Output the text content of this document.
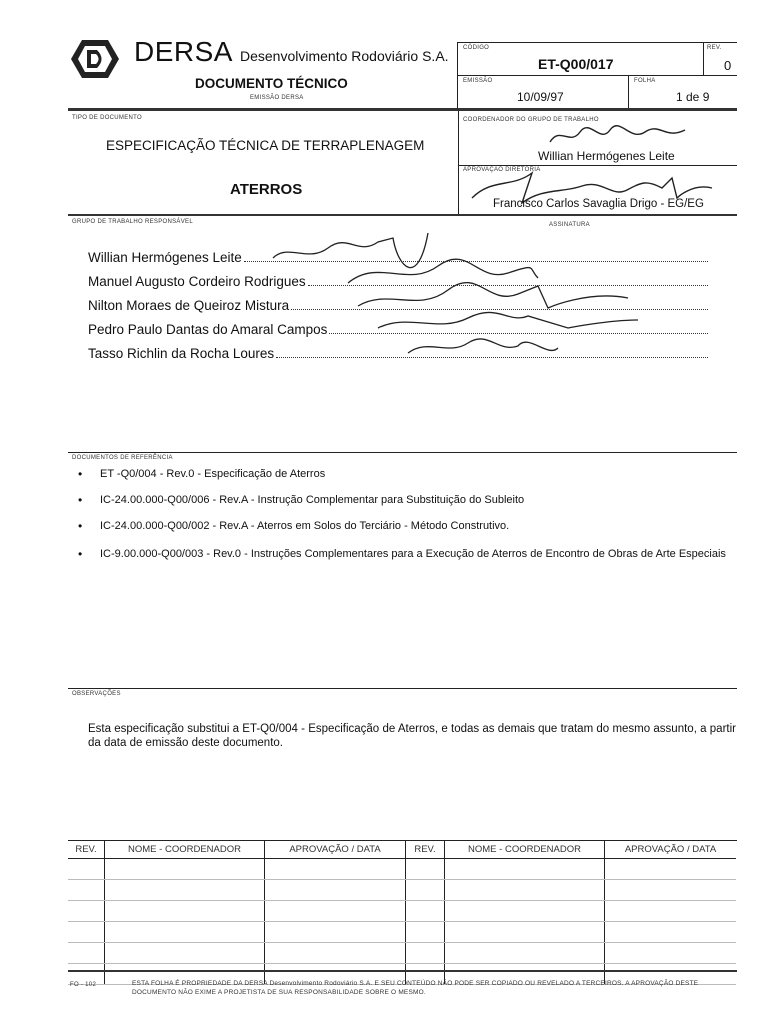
DERSA Desenvolvimento Rodoviário S.A.
DOCUMENTO TÉCNICO
EMISSÃO DERSA
CÓDIGO
ET-Q00/017
REV.
0
EMISSÃO
10/09/97
FOLHA
1 de 9
TIPO DE DOCUMENTO
ESPECIFICAÇÃO TÉCNICA DE TERRAPLENAGEM
ATERROS
COORDENADOR DO GRUPO DE TRABALHO
Willian Hermógenes Leite
APROVAÇÃO DIRETORIA
Francisco Carlos Savaglia Drigo - EG/EG
GRUPO DE TRABALHO RESPONSÁVEL	ASSINATURA
Willian Hermógenes Leite
Manuel Augusto Cordeiro Rodrigues
Nilton Moraes de Queiroz Mistura
Pedro Paulo Dantas do Amaral Campos
Tasso Richlin da Rocha Loures
DOCUMENTOS DE REFERÊNCIA
•	ET -Q0/004 - Rev.0 - Especificação de Aterros
•	IC-24.00.000-Q00/006 - Rev.A - Instrução Complementar para Substituição do Subleito
•	IC-24.00.000-Q00/002 - Rev.A - Aterros em Solos do Terciário - Método Construtivo.
•	IC-9.00.000-Q00/003 - Rev.0 - Instruções Complementares para a Execução de Aterros de Encontro de Obras de Arte Especiais
OBSERVAÇÕES
Esta especificação substitui a ET-Q0/004 - Especificação de Aterros, e todas as demais que tratam do mesmo assunto, a partir da data de emissão deste documento.
REV.	NOME - COORDENADOR	APROVAÇÃO / DATA	REV.	NOME - COORDENADOR	APROVAÇÃO / DATA

FO - 102	ESTA FOLHA É PROPRIEDADE DA DERSA Desenvolvimento Rodoviário S.A. E SEU CONTEÚDO NÃO PODE SER COPIADO OU REVELADO A TERCEIROS. A APROVAÇÃO DESTE DOCUMENTO NÃO EXIME A PROJETISTA DE SUA RESPONSABILIDADE SOBRE O MESMO.
